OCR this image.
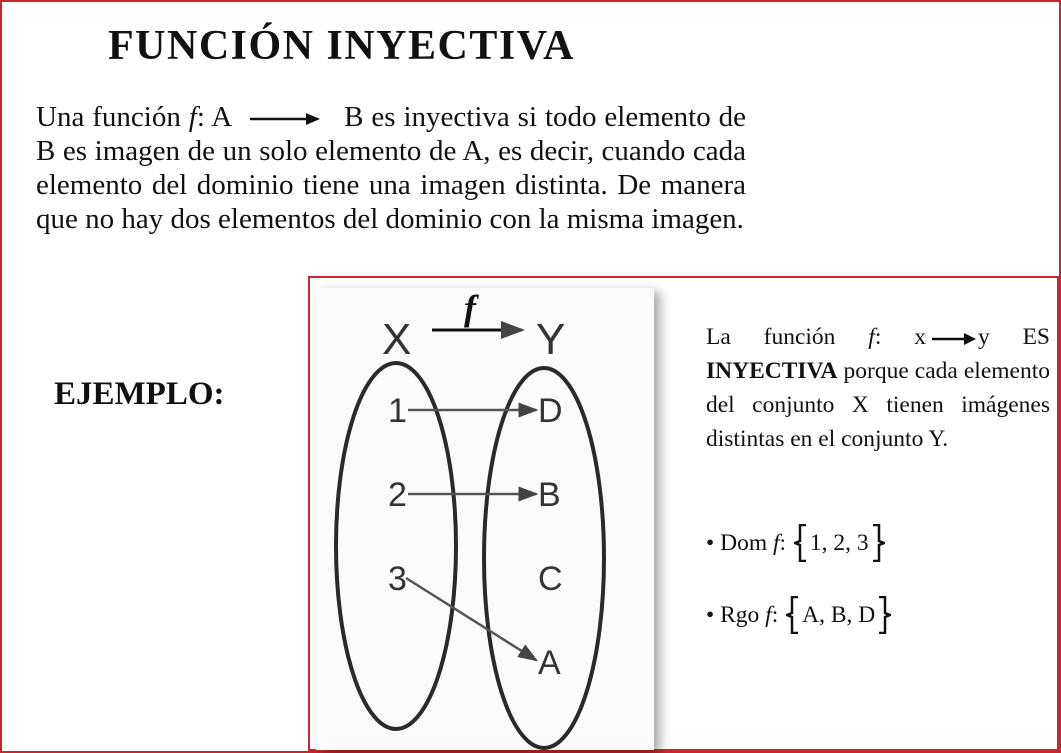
FUNCIÓN INYECTIVA

Una función f: A	B es inyectiva si todo elemento de B es imagen de un solo elemento de A, es decir, cuando cada elemento del dominio tiene una imagen distinta. De manera que no hay dos elementos del dominio con la misma imagen.

EJEMPLO:

X	Y
f
1
2
3
D
B
C
A

La función f: x y ES INYECTIVA porque cada elemento del conjunto X tienen imágenes distintas en el conjunto Y.

• Dom
f :
1, 2, 3
• Rgo
f :
A, B, D
